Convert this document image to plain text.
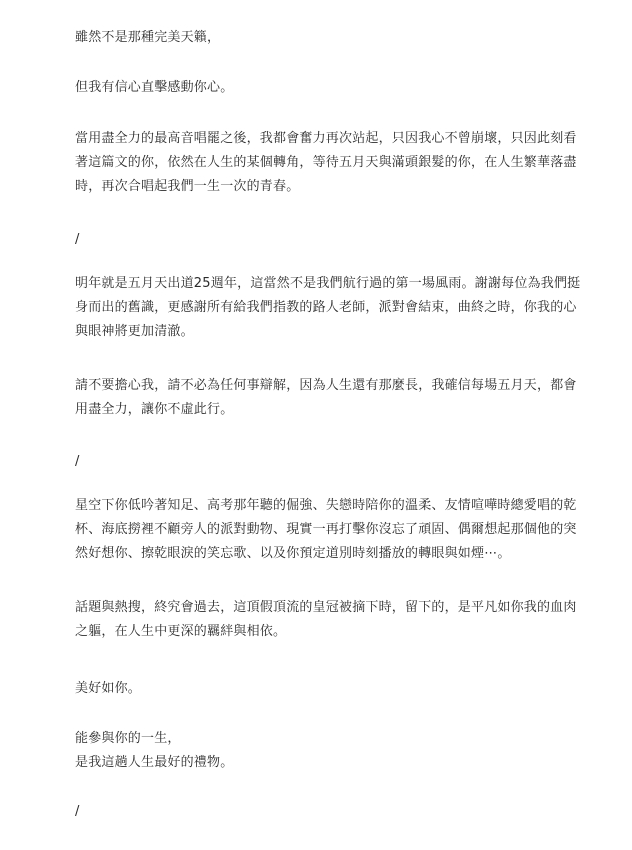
雖然不是那種完美天籟，

但我有信心直擊感動你心。

當用盡全力的最高音唱罷之後，我都會奮力再次站起，只因我心不曾崩壞，只因此刻看
著這篇文的你，依然在人生的某個轉角，等待五月天與滿頭銀髮的你，在人生繁華落盡
時，再次合唱起我們一生一次的青春。

/

明年就是五月天出道25週年，這當然不是我們航行過的第一場風雨。謝謝每位為我們挺
身而出的舊識，更感謝所有給我們指教的路人老師，派對會結束，曲終之時，你我的心
與眼神將更加清澈。

請不要擔心我，請不必為任何事辯解，因為人生還有那麼長，我確信每場五月天，都會
用盡全力，讓你不虛此行。

/

星空下你低吟著知足、高考那年聽的倔強、失戀時陪你的溫柔、友情喧嘩時總愛唱的乾
杯、海底撈裡不顧旁人的派對動物、現實一再打擊你沒忘了頑固、偶爾想起那個他的突
然好想你、擦乾眼淚的笑忘歌、以及你預定道別時刻播放的轉眼與如煙⋯。

話題與熱搜，終究會過去，這頂假頂流的皇冠被摘下時，留下的，是平凡如你我的血肉
之軀，在人生中更深的羈絆與相依。

美好如你。

能參與你的一生，
是我這趟人生最好的禮物。

/
